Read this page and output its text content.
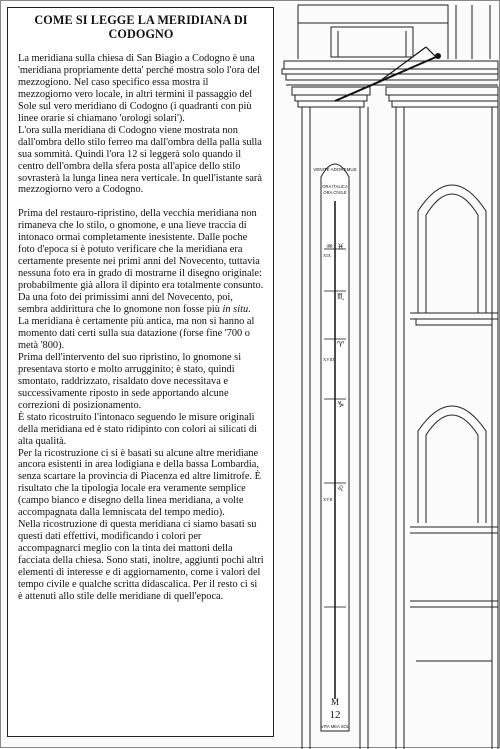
COME SI LEGGE LA MERIDIANA DI
CODOGNO

La meridiana sulla chiesa di San Biagio a Codogno è una 'meridiana propriamente detta' perché mostra solo l'ora del mezzogiono. Nel caso specifico essa mostra il mezzogiorno vero locale, in altri termini il passaggio del Sole sul vero meridiano di Codogno (i quadranti con più linee orarie si chiamano 'orologi solari').

L'ora sulla meridiana di Codogno viene mostrata non dall'ombra dello stilo ferreo ma dall'ombra della palla sulla sua sommità. Quindi l'ora 12 si leggerà solo quando il centro dell'ombra della sfera posta all'apice dello stilo sovrasterà la lunga linea nera verticale. In quell'istante sarà mezzogiorno vero a Codogno.

Prima del restauro-ripristino, della vecchia meridiana non rimaneva che lo stilo, o gnomone, e una lieve traccia di intonaco ormai completamente inesistente. Dalle poche foto d'epoca si è potuto verificare che la meridiana era certamente presente nei primi anni del Novecento, tuttavia nessuna foto era in grado di mostrarne il disegno originale: probabilmente già allora il dipinto era totalmente consunto. Da una foto dei primissimi anni del Novecento, poi, sembra addirittura che lo gnomone non fosse più in situ.

La meridiana è certamente più antica, ma non si hanno al momento dati certi sulla sua datazione (forse fine '700 o metà '800).

Prima dell'intervento del suo ripristino, lo gnomone si presentava storto e molto arrugginito; è stato, quindi smontato, raddrizzato, risaldato dove necessitava e successivamente riposto in sede apportando alcune correzioni di posizionamento.

È stato ricostruito l'intonaco seguendo le misure originali della meridiana ed è stato ridipinto con colori ai silicati di alta qualità.

Per la ricostruzione ci si è basati su alcune altre meridiane ancora esistenti in area lodigiana e della bassa Lombardia, senza scartare la provincia di Piacenza ed altre limitrofe. È risultato che la tipologia locale era veramente semplice (campo bianco e disegno della linea meridiana, a volte accompagnata dalla lemniscata del tempo medio).

Nella ricostruzione di questa meridiana ci siamo basati su questi dati effettivi, modificando i colori per accompagnarci meglio con la tinta dei mattoni della facciata della chiesa. Sono stati, inoltre, aggiunti pochi altri elementi di interesse e di aggiornamento, come i valori del tempo civile e qualche scritta didascalica. Per il resto ci si è attenuti allo stile delle meridiane di quell'epoca.

VENITE ADOREMUS
ORA ITALICA
ORA CIVILE
♒ ♓
♏
♈
♑
♌
XIX
XVIII
XVII
M
12
VITA MEA SOL
